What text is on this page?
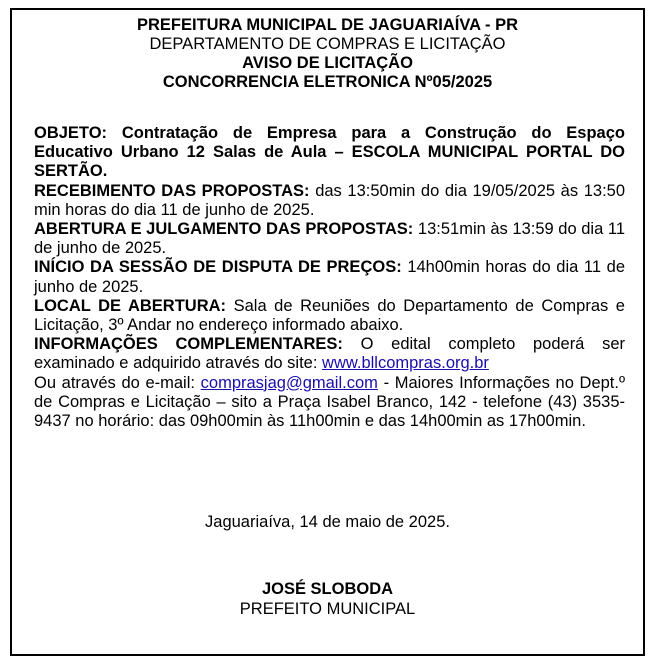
PREFEITURA MUNICIPAL DE JAGUARIAÍVA - PR
DEPARTAMENTO DE COMPRAS E LICITAÇÃO
AVISO DE LICITAÇÃO
CONCORRENCIA ELETRONICA Nº05/2025

OBJETO: Contratação de Empresa para a Construção do Espaço Educativo Urbano 12 Salas de Aula – ESCOLA MUNICIPAL PORTAL DO SERTÃO.

RECEBIMENTO DAS PROPOSTAS: das 13:50min do dia 19/05/2025 às 13:50 min horas do dia 11 de junho de 2025.

ABERTURA E JULGAMENTO DAS PROPOSTAS: 13:51min às 13:59 do dia 11 de junho de 2025.

INÍCIO DA SESSÃO DE DISPUTA DE PREÇOS: 14h00min horas do dia 11 de junho de 2025.

LOCAL DE ABERTURA: Sala de Reuniões do Departamento de Compras e Licitação, 3º Andar no endereço informado abaixo.

INFORMAÇÕES COMPLEMENTARES: O edital completo poderá ser examinado e adquirido através do site: www.bllcompras.org.br
Ou através do e-mail: comprasjag@gmail.com - Maiores Informações no Dept.º de Compras e Licitação – sito a Praça Isabel Branco, 142 - telefone (43) 3535-9437 no horário: das 09h00min às 11h00min e das 14h00min as 17h00min.

Jaguariaíva, 14 de maio de 2025.
JOSÉ SLOBODA
PREFEITO MUNICIPAL
